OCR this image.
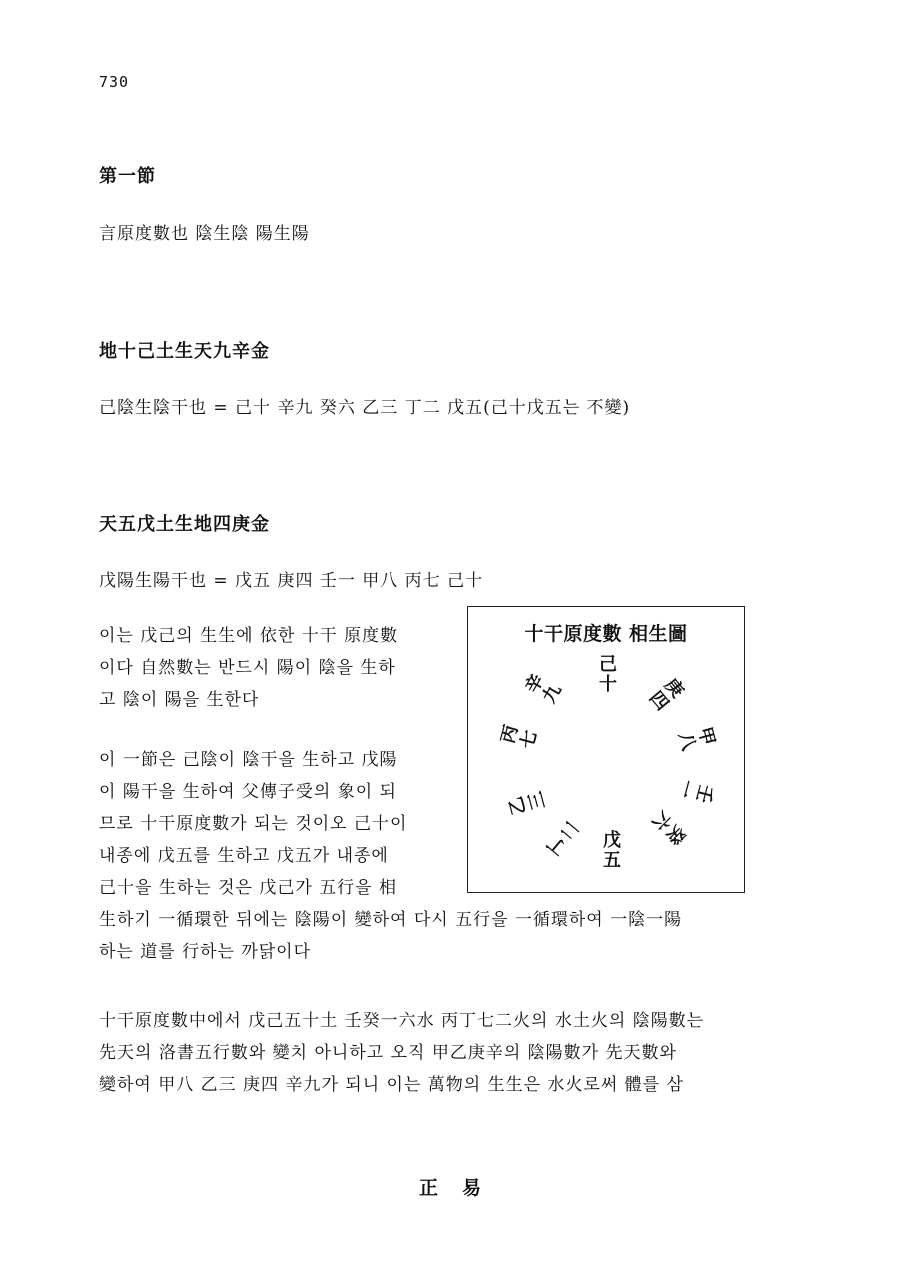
730
第一節
言原度數也 陰生陰 陽生陽
地十己土生天九辛金
己陰生陰干也 = 己十 辛九 癸六 乙三 丁二 戊五(己十戊五는 不變)
天五戊土生地四庚金
戊陽生陽干也 = 戊五 庚四 壬一 甲八 丙七 己十
이는 戊己의 生生에 依한 十干 原度數
이다 自然數는 반드시 陽이 陰을 生하
고 陰이 陽을 生한다
이 一節은 己陰이 陰干을 生하고 戊陽
이 陽干을 生하여 父傳子受의 象이 되
므로 十干原度數가 되는 것이오 己十이
내종에 戊五를 生하고 戊五가 내종에
己十을 生하는 것은 戊己가 五行을 相
生하기 一循環한 뒤에는 陰陽이 變하여 다시 五行을 一循環하여 一陰一陽
하는 道를 行하는 까닭이다
十干原度數中에서 戊己五十土 壬癸一六水 丙丁七二火의 水土火의 陰陽數는
先天의 洛書五行數와 變치 아니하고 오직 甲乙庚辛의 陰陽數가 先天數와
變하여 甲八 乙三 庚四 辛九가 되니 이는 萬物의 生生은 水火로써 體를 삼
十干原度數 相生圖
己
十	庚
四
甲
八
壬
一
癸
六
戊
五
丁
二
乙
三
丙
七
辛
九
正易
